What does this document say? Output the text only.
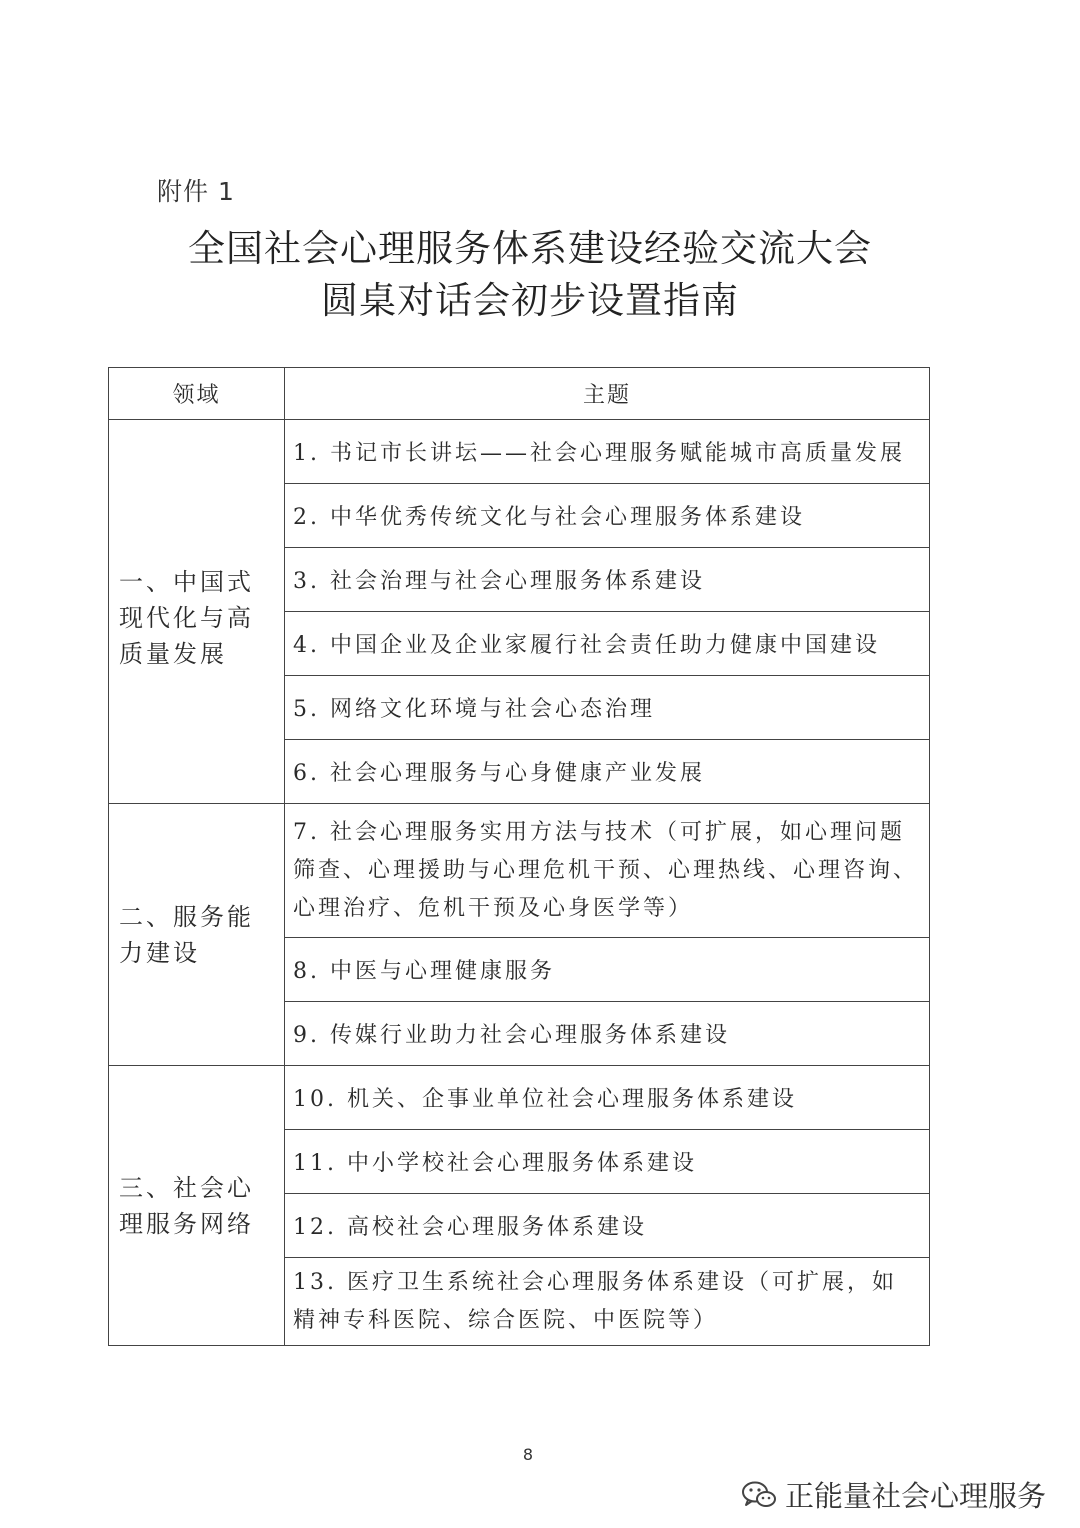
附件 1
全国社会心理服务体系建设经验交流大会
圆桌对话会初步设置指南
领域	主题
一、中国式现代化与高质量发展	1. 书记市长讲坛——社会心理服务赋能城市高质量发展
	2. 中华优秀传统文化与社会心理服务体系建设
	3. 社会治理与社会心理服务体系建设
	4. 中国企业及企业家履行社会责任助力健康中国建设
	5. 网络文化环境与社会心态治理
	6. 社会心理服务与心身健康产业发展
二、服务能力建设	7. 社会心理服务实用方法与技术（可扩展，如心理问题筛查、心理援助与心理危机干预、心理热线、心理咨询、心理治疗、危机干预及心身医学等）
	8. 中医与心理健康服务
	9. 传媒行业助力社会心理服务体系建设
三、社会心理服务网络	10. 机关、企事业单位社会心理服务体系建设
	11. 中小学校社会心理服务体系建设
	12. 高校社会心理服务体系建设
	13. 医疗卫生系统社会心理服务体系建设（可扩展，如精神专科医院、综合医院、中医院等）
8
正能量社会心理服务
